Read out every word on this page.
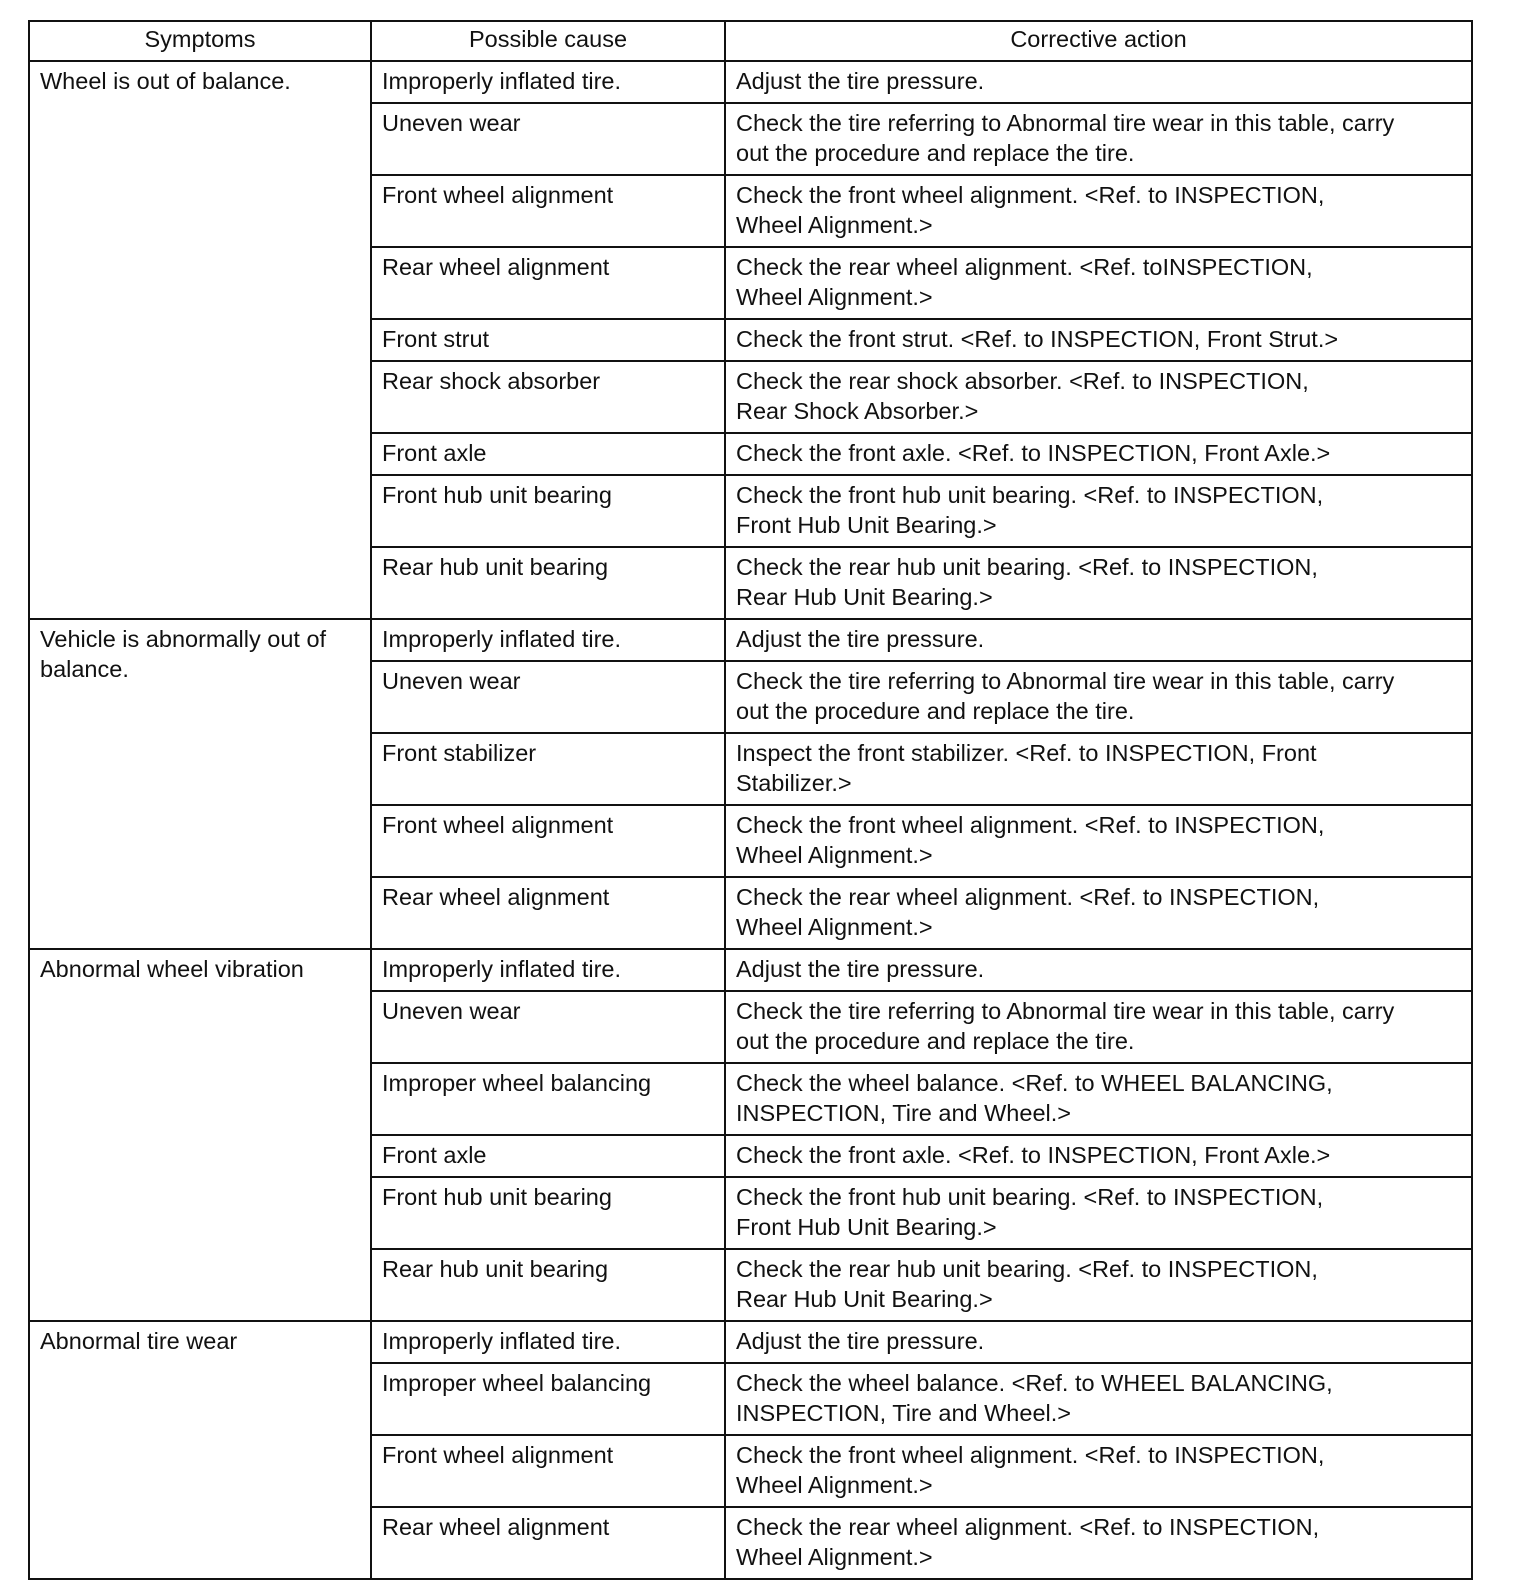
Symptoms	Possible cause	Corrective action
Wheel is out of balance.	Improperly inflated tire.	Adjust the tire pressure.

	Uneven wear	Check the tire referring to Abnormal tire wear in this table, carry
out the procedure and replace the tire.

	Front wheel alignment	Check the front wheel alignment. <Ref. to INSPECTION,
Wheel Alignment.>

	Rear wheel alignment	Check the rear wheel alignment. <Ref. toINSPECTION,
Wheel Alignment.>

	Front strut	Check the front strut. <Ref. to INSPECTION, Front Strut.>

	Rear shock absorber	Check the rear shock absorber. <Ref. to INSPECTION,
Rear Shock Absorber.>

	Front axle	Check the front axle. <Ref. to INSPECTION, Front Axle.>

	Front hub unit bearing	Check the front hub unit bearing. <Ref. to INSPECTION,
Front Hub Unit Bearing.>

	Rear hub unit bearing	Check the rear hub unit bearing. <Ref. to INSPECTION,
Rear Hub Unit Bearing.>

Vehicle is abnormally out of balance.	Improperly inflated tire.	Adjust the tire pressure.

	Uneven wear	Check the tire referring to Abnormal tire wear in this table, carry
out the procedure and replace the tire.

	Front stabilizer	Inspect the front stabilizer. <Ref. to INSPECTION, Front
Stabilizer.>

	Front wheel alignment	Check the front wheel alignment. <Ref. to INSPECTION,
Wheel Alignment.>

	Rear wheel alignment	Check the rear wheel alignment. <Ref. to INSPECTION,
Wheel Alignment.>

Abnormal wheel vibration	Improperly inflated tire.	Adjust the tire pressure.

	Uneven wear	Check the tire referring to Abnormal tire wear in this table, carry
out the procedure and replace the tire.

	Improper wheel balancing	Check the wheel balance. <Ref. to WHEEL BALANCING,
INSPECTION, Tire and Wheel.>

	Front axle	Check the front axle. <Ref. to INSPECTION, Front Axle.>

	Front hub unit bearing	Check the front hub unit bearing. <Ref. to INSPECTION,
Front Hub Unit Bearing.>

	Rear hub unit bearing	Check the rear hub unit bearing. <Ref. to INSPECTION,
Rear Hub Unit Bearing.>

Abnormal tire wear	Improperly inflated tire.	Adjust the tire pressure.

	Improper wheel balancing	Check the wheel balance. <Ref. to WHEEL BALANCING,
INSPECTION, Tire and Wheel.>

	Front wheel alignment	Check the front wheel alignment. <Ref. to INSPECTION,
Wheel Alignment.>

	Rear wheel alignment	Check the rear wheel alignment. <Ref. to INSPECTION,
Wheel Alignment.>
